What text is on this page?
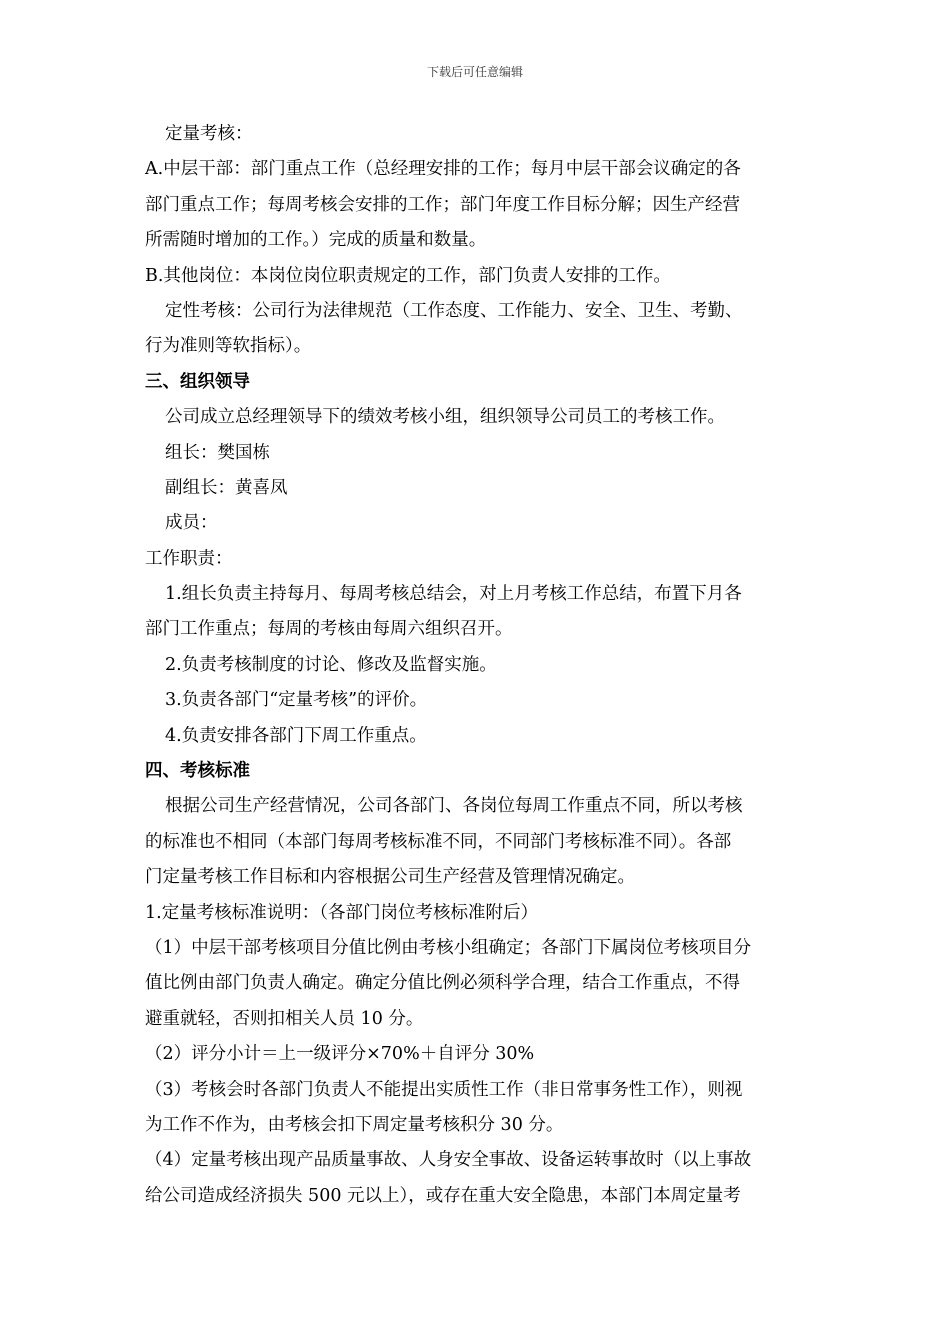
下载后可任意编辑
定量考核：
A.中层干部：部门重点工作（总经理安排的工作；每月中层干部会议确定的各
部门重点工作；每周考核会安排的工作；部门年度工作目标分解；因生产经营
所需随时增加的工作。）完成的质量和数量。
B.其他岗位：本岗位岗位职责规定的工作，部门负责人安排的工作。
定性考核：公司行为法律规范（工作态度、工作能力、安全、卫生、考勤、
行为准则等软指标）。
三、组织领导
公司成立总经理领导下的绩效考核小组，组织领导公司员工的考核工作。
组长：樊国栋
副组长：黄喜凤
成员：
工作职责：
1.组长负责主持每月、每周考核总结会，对上月考核工作总结，布置下月各
部门工作重点；每周的考核由每周六组织召开。
2.负责考核制度的讨论、修改及监督实施。
3.负责各部门“定量考核”的评价。
4.负责安排各部门下周工作重点。
四、考核标准
根据公司生产经营情况，公司各部门、各岗位每周工作重点不同，所以考核
的标准也不相同（本部门每周考核标准不同，不同部门考核标准不同）。各部
门定量考核工作目标和内容根据公司生产经营及管理情况确定。
1.定量考核标准说明：（各部门岗位考核标准附后）
（1）中层干部考核项目分值比例由考核小组确定；各部门下属岗位考核项目分
值比例由部门负责人确定。确定分值比例必须科学合理，结合工作重点，不得
避重就轻，否则扣相关人员 10 分。
（2）评分小计＝上一级评分×70%＋自评分 30%
（3）考核会时各部门负责人不能提出实质性工作（非日常事务性工作），则视
为工作不作为，由考核会扣下周定量考核积分 30 分。
（4）定量考核出现产品质量事故、人身安全事故、设备运转事故时（以上事故
给公司造成经济损失 500 元以上），或存在重大安全隐患，本部门本周定量考
